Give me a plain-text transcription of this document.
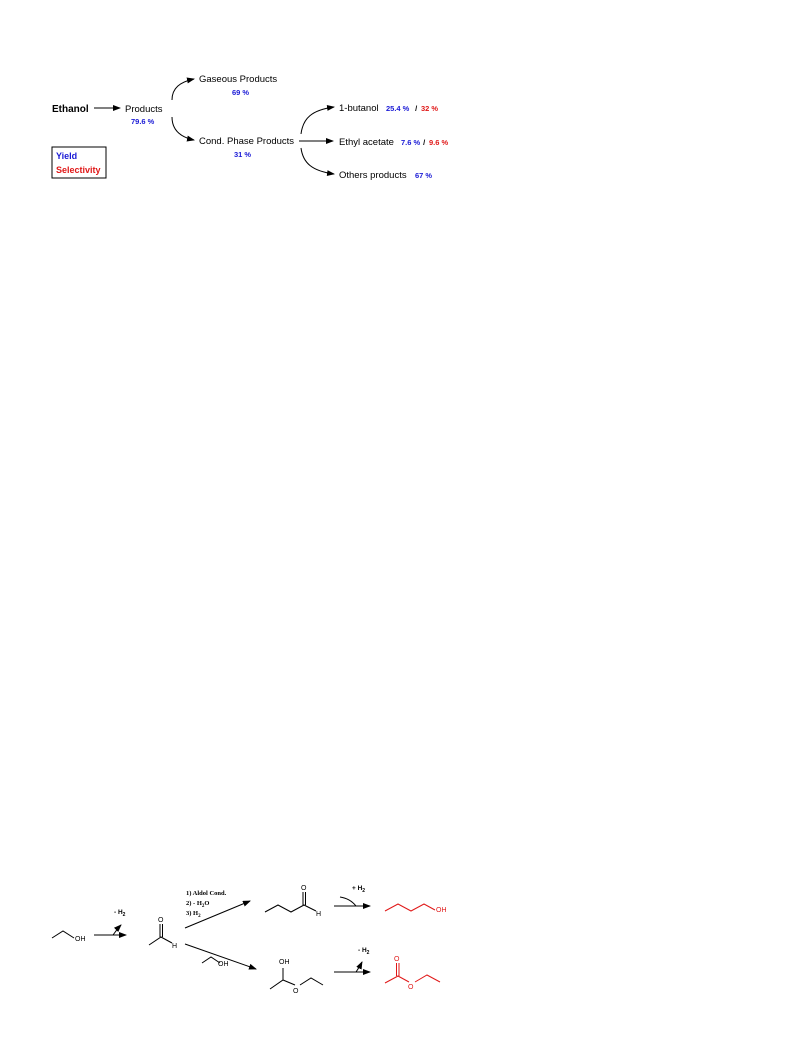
Ethanol	Products
79.6 %
Gaseous Products
69 %
Cond. Phase Products
31 %
1-butanol 25.4 % / 32 %
Ethyl acetate 7.6 % / 9.6 %
Others products 67 %
Yield
Selectivity
OH
- $H_2$
O
H
1) Aldol Cond.
$2) - H_2O$
3) $H_2$
O
H
+ $H_2$
OH
OH	OH
O
- $H_2$
O
O
